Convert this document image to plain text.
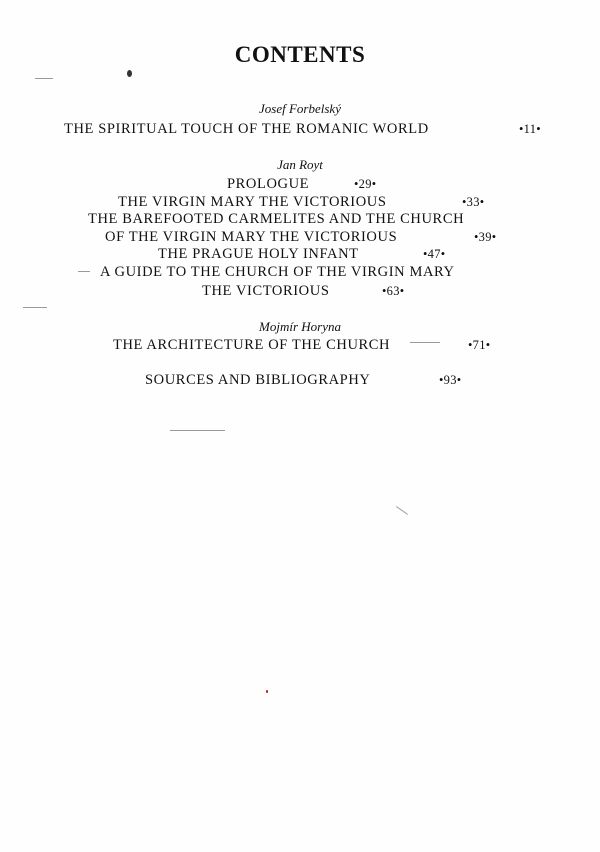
CONTENTS
Josef Forbelský
THE SPIRITUAL TOUCH OF THE ROMANIC WORLD	•11•
Jan Royt
PROLOGUE	•29•
THE VIRGIN MARY THE VICTORIOUS	•33•
THE BAREFOOTED CARMELITES AND THE CHURCH
OF THE VIRGIN MARY THE VICTORIOUS	•39•
THE PRAGUE HOLY INFANT	•47•
A GUIDE TO THE CHURCH OF THE VIRGIN MARY
THE VICTORIOUS	•63•
Mojmír Horyna
THE ARCHITECTURE OF THE CHURCH	•71•
SOURCES AND BIBLIOGRAPHY	•93•
